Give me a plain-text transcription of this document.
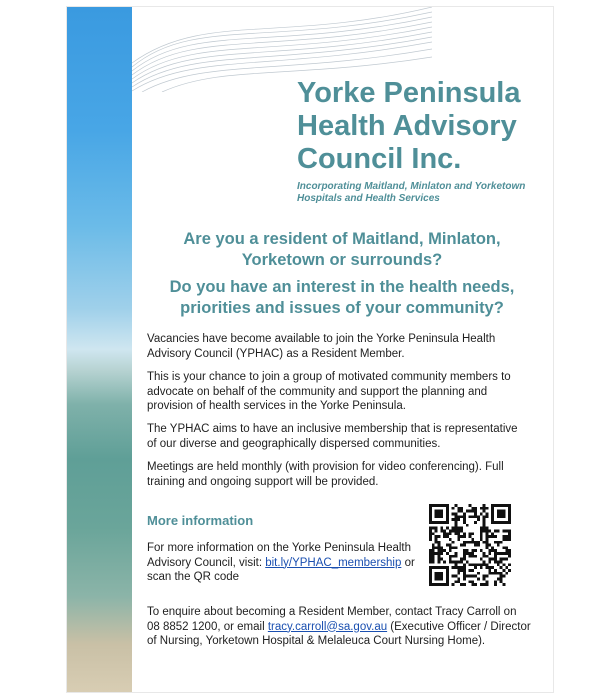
Yorke Peninsula
Health Advisory
Council Inc.

Incorporating Maitland, Minlaton and Yorketown
Hospitals and Health Services

Are you a resident of Maitland, Minlaton,
Yorketown or surrounds?
Do you have an interest in the health needs,
priorities and issues of your community?

Vacancies have become available to join the Yorke Peninsula Health Advisory Council (YPHAC) as a Resident Member.

This is your chance to join a group of motivated community members to advocate on behalf of the community and support the planning and provision of health services in the Yorke Peninsula.

The YPHAC aims to have an inclusive membership that is representative of our diverse and geographically dispersed communities.

Meetings are held monthly (with provision for video conferencing). Full training and ongoing support will be provided.

More information

For more information on the Yorke Peninsula Health Advisory Council, visit: bit.ly/YPHAC_membership or scan the QR code

To enquire about becoming a Resident Member, contact Tracy Carroll on 08 8852 1200, or email tracy.carroll@sa.gov.au (Executive Officer / Director of Nursing, Yorketown Hospital & Melaleuca Court Nursing Home).
